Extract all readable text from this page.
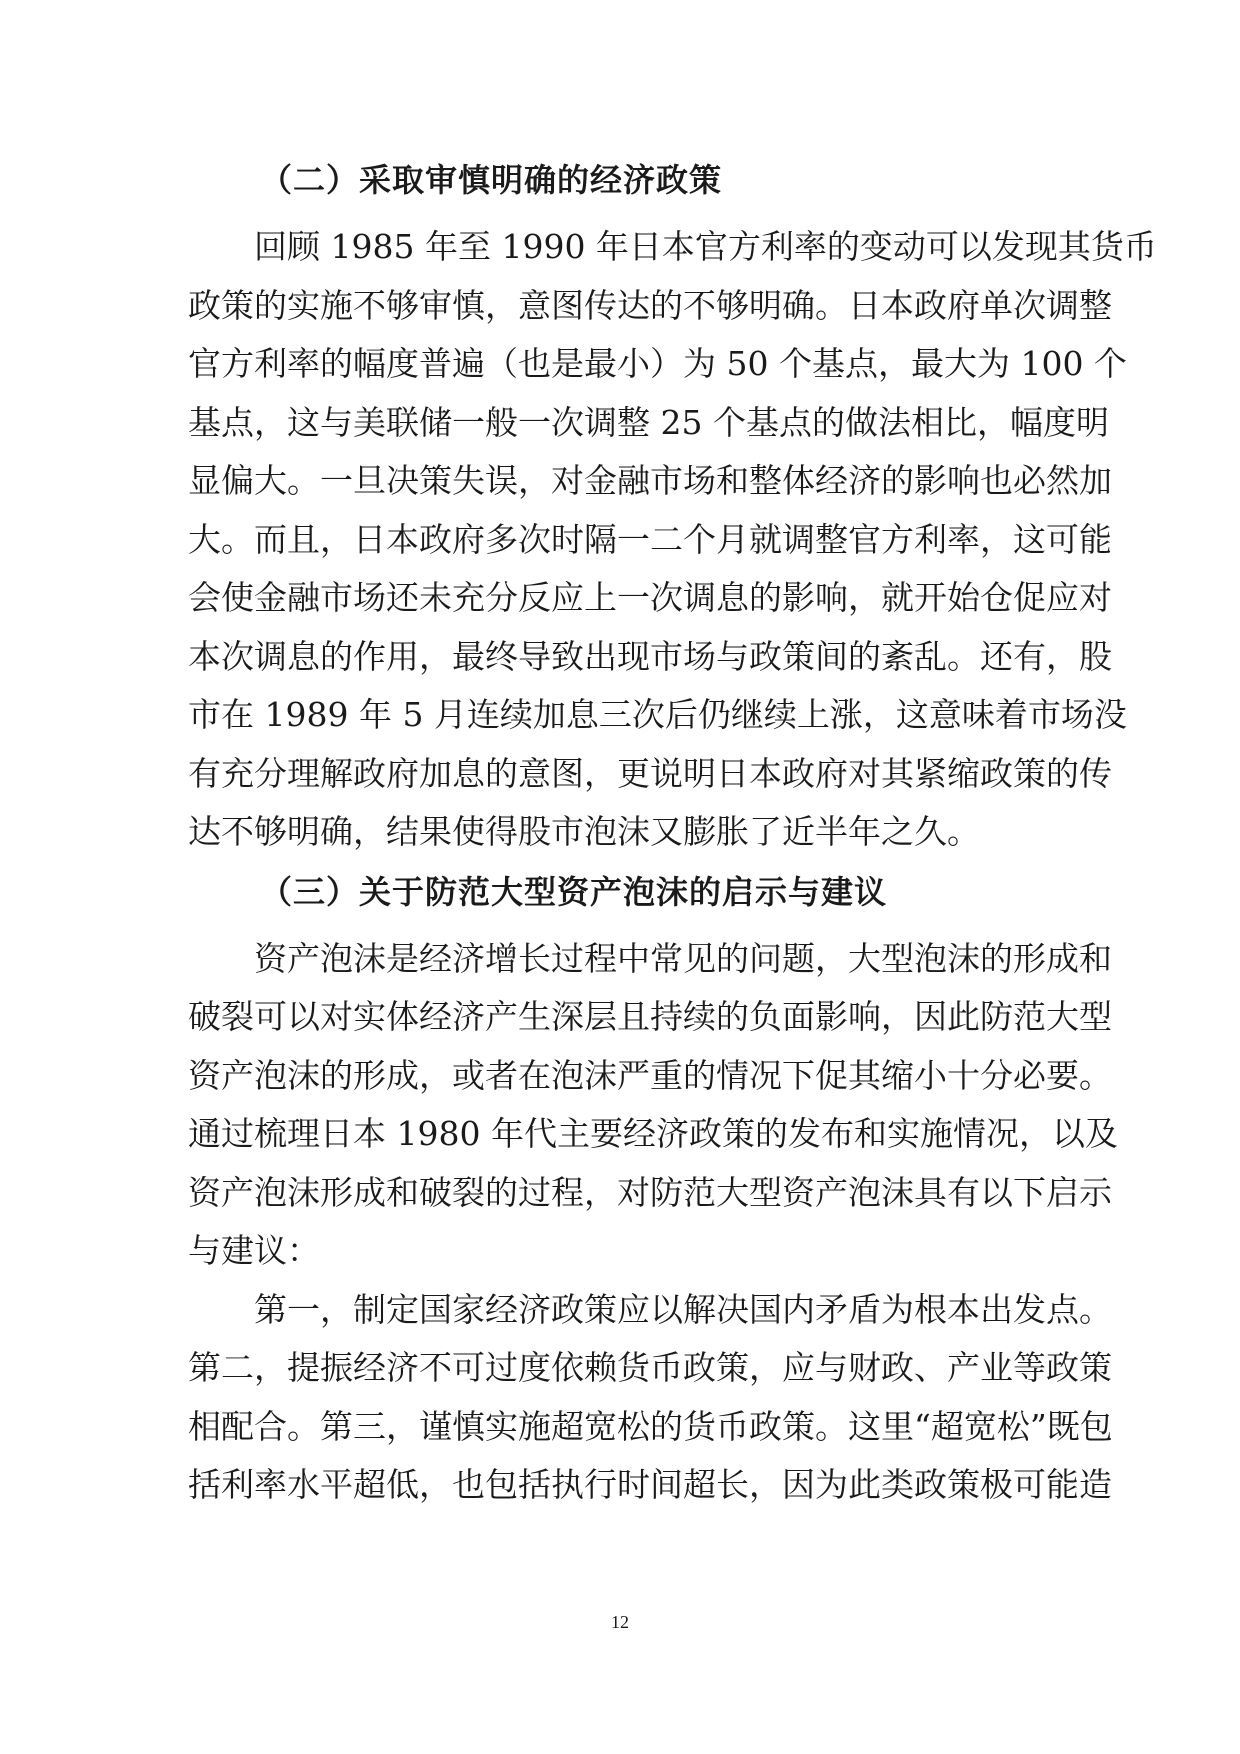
（二）采取审慎明确的经济政策
回顾 1985 年至 1990 年日本官方利率的变动可以发现其货币
政策的实施不够审慎，意图传达的不够明确。日本政府单次调整
官方利率的幅度普遍（也是最小）为 50 个基点，最大为 100 个
基点，这与美联储一般一次调整 25 个基点的做法相比，幅度明
显偏大。一旦决策失误，对金融市场和整体经济的影响也必然加
大。而且，日本政府多次时隔一二个月就调整官方利率，这可能
会使金融市场还未充分反应上一次调息的影响，就开始仓促应对
本次调息的作用，最终导致出现市场与政策间的紊乱。还有，股
市在 1989 年 5 月连续加息三次后仍继续上涨，这意味着市场没
有充分理解政府加息的意图，更说明日本政府对其紧缩政策的传
达不够明确，结果使得股市泡沫又膨胀了近半年之久。
（三）关于防范大型资产泡沫的启示与建议
资产泡沫是经济增长过程中常见的问题，大型泡沫的形成和
破裂可以对实体经济产生深层且持续的负面影响，因此防范大型
资产泡沫的形成，或者在泡沫严重的情况下促其缩小十分必要。
通过梳理日本 1980 年代主要经济政策的发布和实施情况，以及
资产泡沫形成和破裂的过程，对防范大型资产泡沫具有以下启示
与建议：
第一，制定国家经济政策应以解决国内矛盾为根本出发点。
第二，提振经济不可过度依赖货币政策，应与财政、产业等政策
相配合。第三，谨慎实施超宽松的货币政策。这里“超宽松”既包
括利率水平超低，也包括执行时间超长，因为此类政策极可能造
12
